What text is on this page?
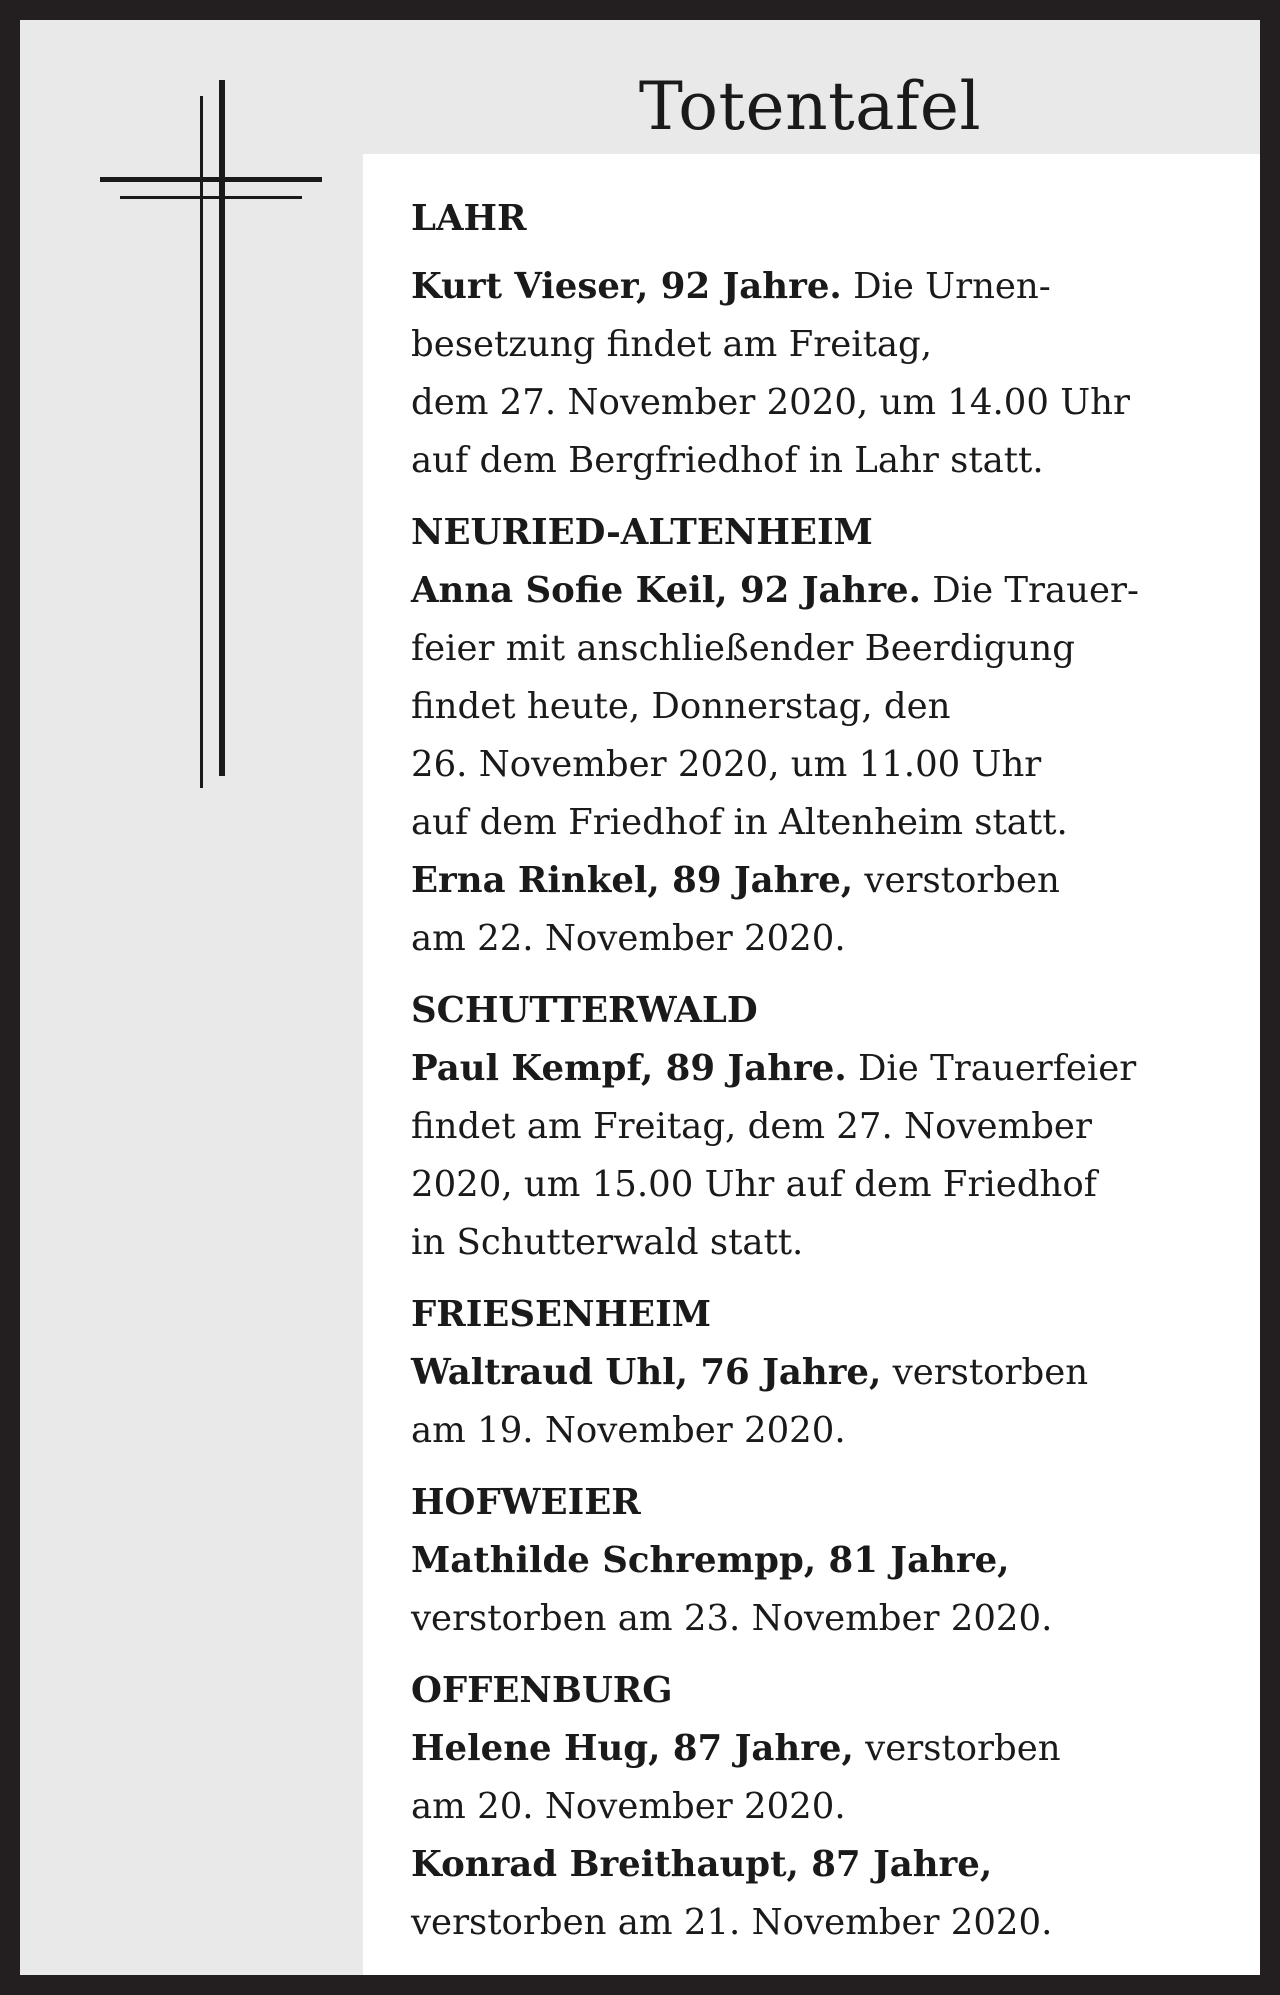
Totentafel
LAHR
Kurt Vieser, 92 Jahre. Die Urnen-
besetzung findet am Freitag,
dem 27. November 2020, um 14.00 Uhr
auf dem Bergfriedhof in Lahr statt.
NEURIED-ALTENHEIM
Anna Sofie Keil, 92 Jahre. Die Trauer-
feier mit anschließender Beerdigung
findet heute, Donnerstag, den
26. November 2020, um 11.00 Uhr
auf dem Friedhof in Altenheim statt.
Erna Rinkel, 89 Jahre, verstorben
am 22. November 2020.
SCHUTTERWALD
Paul Kempf, 89 Jahre. Die Trauerfeier
findet am Freitag, dem 27. November
2020, um 15.00 Uhr auf dem Friedhof
in Schutterwald statt.
FRIESENHEIM
Waltraud Uhl, 76 Jahre, verstorben
am 19. November 2020.
HOFWEIER
Mathilde Schrempp, 81 Jahre,
verstorben am 23. November 2020.
OFFENBURG
Helene Hug, 87 Jahre, verstorben
am 20. November 2020.
Konrad Breithaupt, 87 Jahre,
verstorben am 21. November 2020.
